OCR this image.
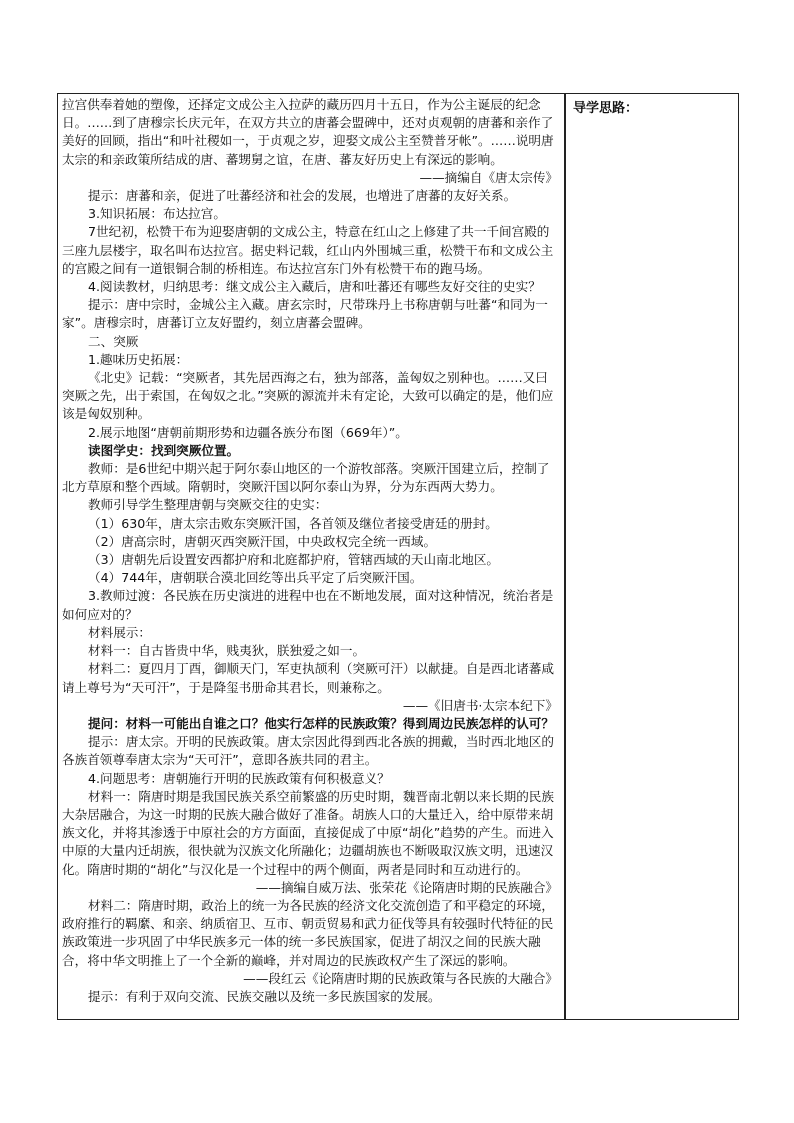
导学思路：

拉宫供奉着她的塑像，还择定文成公主入拉萨的藏历四月十五日，作为公主诞辰的纪念日。……到了唐穆宗长庆元年，在双方共立的唐蕃会盟碑中，还对贞观朝的唐蕃和亲作了美好的回顾，指出“和叶社稷如一，于贞观之岁，迎娶文成公主至赞普牙帐”。……说明唐太宗的和亲政策所结成的唐、蕃甥舅之谊，在唐、蕃友好历史上有深远的影响。

——摘编自《唐太宗传》

提示：唐蕃和亲，促进了吐蕃经济和社会的发展，也增进了唐蕃的友好关系。

3.知识拓展：布达拉宫。

7世纪初，松赞干布为迎娶唐朝的文成公主，特意在红山之上修建了共一千间宫殿的三座九层楼宇，取名叫布达拉宫。据史料记载，红山内外围城三重，松赞干布和文成公主的宫殿之间有一道银铜合制的桥相连。布达拉宫东门外有松赞干布的跑马场。

4.阅读教材，归纳思考：继文成公主入藏后，唐和吐蕃还有哪些友好交往的史实？

提示：唐中宗时，金城公主入藏。唐玄宗时，尺带珠丹上书称唐朝与吐蕃“和同为一家”。唐穆宗时，唐蕃订立友好盟约，刻立唐蕃会盟碑。

二、突厥

1.趣味历史拓展：

《北史》记载：“突厥者，其先居西海之右，独为部落，盖匈奴之别种也。……又曰突厥之先，出于索国，在匈奴之北。”突厥的源流并未有定论，大致可以确定的是，他们应该是匈奴别种。

2.展示地图“唐朝前期形势和边疆各族分布图（669年）”。

读图学史：找到突厥位置。

教师：是6世纪中期兴起于阿尔泰山地区的一个游牧部落。突厥汗国建立后，控制了北方草原和整个西域。隋朝时，突厥汗国以阿尔泰山为界，分为东西两大势力。

教师引导学生整理唐朝与突厥交往的史实：

（1）630年，唐太宗击败东突厥汗国，各首领及继位者接受唐廷的册封。

（2）唐高宗时，唐朝灭西突厥汗国，中央政权完全统一西域。

（3）唐朝先后设置安西都护府和北庭都护府，管辖西域的天山南北地区。

（4）744年，唐朝联合漠北回纥等出兵平定了后突厥汗国。

3.教师过渡：各民族在历史演进的进程中也在不断地发展，面对这种情况，统治者是如何应对的？

材料展示：

材料一：自古皆贵中华，贱夷狄，朕独爱之如一。

材料二：夏四月丁酉，御顺天门，军吏执颉利（突厥可汗）以献捷。自是西北诸蕃咸请上尊号为“天可汗”，于是降玺书册命其君长，则兼称之。

——《旧唐书·太宗本纪下》

提问：材料一可能出自谁之口？他实行怎样的民族政策？得到周边民族怎样的认可？

提示：唐太宗。开明的民族政策。唐太宗因此得到西北各族的拥戴，当时西北地区的各族首领尊奉唐太宗为“天可汗”，意即各族共同的君主。

4.问题思考：唐朝施行开明的民族政策有何积极意义？

材料一：隋唐时期是我国民族关系空前繁盛的历史时期，魏晋南北朝以来长期的民族大杂居融合，为这一时期的民族大融合做好了准备。胡族人口的大量迁入，给中原带来胡族文化，并将其渗透于中原社会的方方面面，直接促成了中原“胡化”趋势的产生。而进入中原的大量内迁胡族，很快就为汉族文化所融化；边疆胡族也不断吸取汉族文明，迅速汉化。隋唐时期的“胡化”与汉化是一个过程中的两个侧面，两者是同时和互动进行的。

——摘编自威万法、张荣花《论隋唐时期的民族融合》

材料二：隋唐时期，政治上的统一为各民族的经济文化交流创造了和平稳定的环境，政府推行的羁縻、和亲、纳质宿卫、互市、朝贡贸易和武力征伐等具有较强时代特征的民族政策进一步巩固了中华民族多元一体的统一多民族国家，促进了胡汉之间的民族大融合，将中华文明推上了一个全新的巅峰，并对周边的民族政权产生了深远的影响。

——段红云《论隋唐时期的民族政策与各民族的大融合》

提示：有利于双向交流、民族交融以及统一多民族国家的发展。
